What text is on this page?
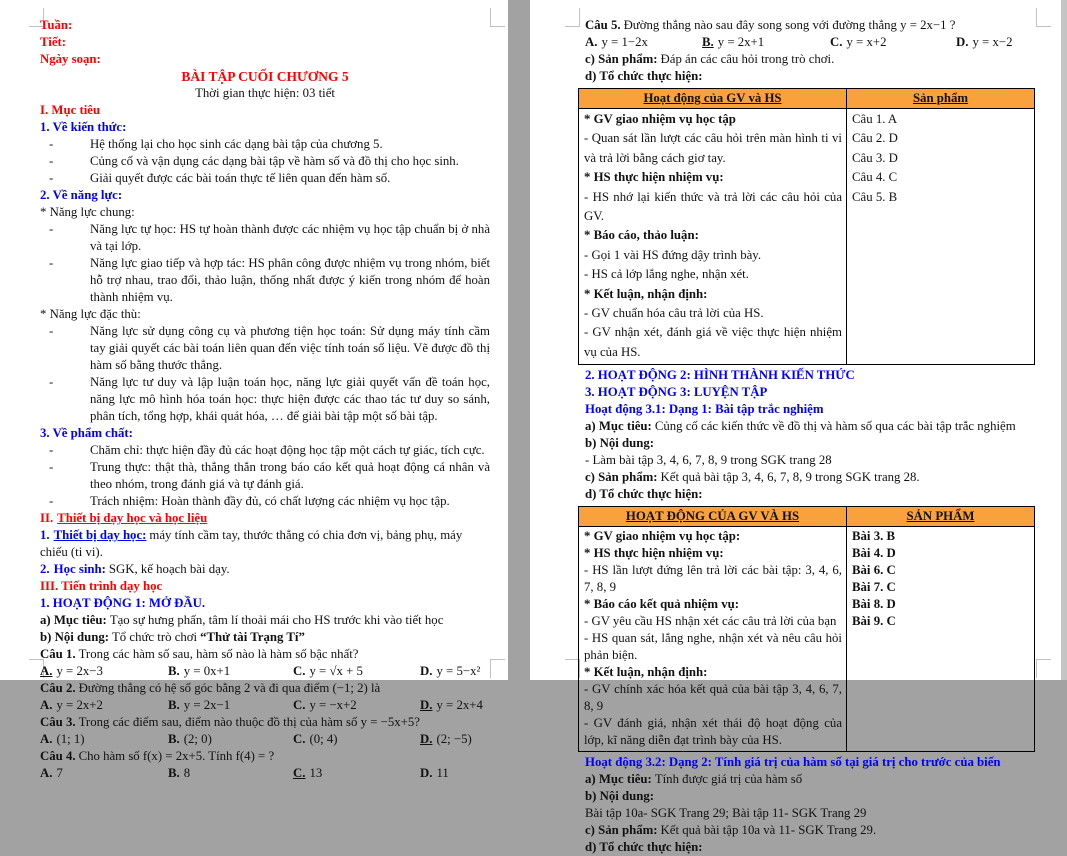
Tuần:

Tiết:

Ngày soạn:

BÀI TẬP CUỐI CHƯƠNG 5

Thời gian thực hiện: 03 tiết

I. Mục tiêu

1. Về kiến thức:

-	Hệ thống lại cho học sinh các dạng bài tập của chương 5.
-	Củng cố và vận dụng các dạng bài tập về hàm số và đồ thị cho học sinh.
-	Giải quyết được các bài toán thực tế liên quan đến hàm số.

2. Về năng lực:

* Năng lực chung:

-	Năng lực tự học: HS tự hoàn thành được các nhiệm vụ học tập chuẩn bị ở nhà và tại lớp.
-	Năng lực giao tiếp và hợp tác: HS phân công được nhiệm vụ trong nhóm, biết hỗ trợ nhau, trao đổi, thảo luận, thống nhất được ý kiến trong nhóm để hoàn thành nhiệm vụ.

* Năng lực đặc thù:

-	Năng lực sử dụng công cụ và phương tiện học toán: Sử dụng máy tính cầm tay giải quyết các bài toán liên quan đến việc tính toán số liệu. Vẽ được đồ thị hàm số bằng thước thẳng.
-	Năng lực tư duy và lập luận toán học, năng lực giải quyết vấn đề toán học, năng lực mô hình hóa toán học: thực hiện được các thao tác tư duy so sánh, phân tích, tổng hợp, khái quát hóa, … để giải bài tập một số bài tập.

3. Về phẩm chất:

-	Chăm chỉ: thực hiện đầy đủ các hoạt động học tập một cách tự giác, tích cực.
-	Trung thực: thật thà, thẳng thắn trong báo cáo kết quả hoạt động cá nhân và theo nhóm, trong đánh giá và tự đánh giá.
-	Trách nhiệm: Hoàn thành đầy đủ, có chất lượng các nhiệm vụ học tập.

II. Thiết bị dạy học và học liệu

1. Thiết bị dạy học: máy tính cầm tay, thước thẳng có chia đơn vị, bảng phụ, máy chiếu (ti vi).

2. Học sinh: SGK, kế hoạch bài dạy.

III. Tiến trình dạy học

1. HOẠT ĐỘNG 1: MỞ ĐẦU.

a) Mục tiêu: Tạo sự hưng phấn, tâm lí thoải mái cho HS trước khi vào tiết học

b) Nội dung: Tổ chức trò chơi “Thử tài Trạng Tí”

Câu 1. Trong các hàm số sau, hàm số nào là hàm số bậc nhất?

A. y = 2x−3	B. y = 0x+1	C. y = √x + 5	D. y = 5−x²

Câu 2. Đường thẳng có hệ số góc bằng 2 và đi qua điểm (−1; 2) là

A. y = 2x+2	B. y = 2x−1	C. y = −x+2	D. y = 2x+4

Câu 3. Trong các điểm sau, điểm nào thuộc đồ thị của hàm số y = −5x+5?

A. (1; 1)	B. (2; 0)	C. (0; 4)	D. (2; −5)

Câu 4. Cho hàm số f(x) = 2x+5. Tính f(4) = ?

A. 7	B. 8	C. 13	D. 11

Câu 5. Đường thẳng nào sau đây song song với đường thẳng y = 2x−1 ?

A. y = 1−2x	B. y = 2x+1	C. y = x+2	D. y = x−2

c) Sản phẩm: Đáp án các câu hỏi trong trò chơi.

d) Tổ chức thực hiện:

Hoạt động của GV và HS	Sản phẩm

* GV giao nhiệm vụ học tập
- Quan sát lần lượt các câu hỏi trên màn hình ti vi và trả lời bằng cách giơ tay.
* HS thực hiện nhiệm vụ:
- HS nhớ lại kiến thức và trả lời các câu hỏi của GV.
* Báo cáo, thảo luận:
- Gọi 1 vài HS đứng dậy trình bày.
- HS cả lớp lắng nghe, nhận xét.
* Kết luận, nhận định:
- GV chuẩn hóa câu trả lời của HS.
- GV nhận xét, đánh giá về việc thực hiện nhiệm vụ của HS.

Câu 1. A
Câu 2. D
Câu 3. D
Câu 4. C
Câu 5. B

2. HOẠT ĐỘNG 2: HÌNH THÀNH KIẾN THỨC

3. HOẠT ĐỘNG 3: LUYỆN TẬP

Hoạt động 3.1: Dạng 1: Bài tập trắc nghiệm

a) Mục tiêu: Củng cố các kiến thức về đồ thị và hàm số qua các bài tập trắc nghiệm

b) Nội dung:

- Làm bài tập 3, 4, 6, 7, 8, 9 trong SGK trang 28

c) Sản phẩm: Kết quả bài tập 3, 4, 6, 7, 8, 9 trong SGK trang 28.

d) Tổ chức thực hiện:

HOẠT ĐỘNG CỦA GV VÀ HS	SẢN PHẨM

* GV giao nhiệm vụ học tập:
* HS thực hiện nhiệm vụ:
- HS lần lượt đứng lên trả lời các bài tập: 3, 4, 6, 7, 8, 9
* Báo cáo kết quả nhiệm vụ:
- GV yêu cầu HS nhận xét các câu trả lời của bạn
- HS quan sát, lắng nghe, nhận xét và nêu câu hỏi phản biện.
* Kết luận, nhận định:
- GV chính xác hóa kết quả của bài tập 3, 4, 6, 7, 8, 9
- GV đánh giá, nhận xét thái độ hoạt động của lớp, kĩ năng diễn đạt trình bày của HS.

Bài 3. B
Bài 4. D
Bài 6. C
Bài 7. C
Bài 8. D
Bài 9. C

Hoạt động 3.2: Dạng 2: Tính giá trị của hàm số tại giá trị cho trước của biến

a) Mục tiêu: Tính được giá trị của hàm số

b) Nội dung:

Bài tập 10a- SGK Trang 29; Bài tập 11- SGK Trang 29

c) Sản phẩm: Kết quả bài tập 10a và 11- SGK Trang 29.

d) Tổ chức thực hiện:
